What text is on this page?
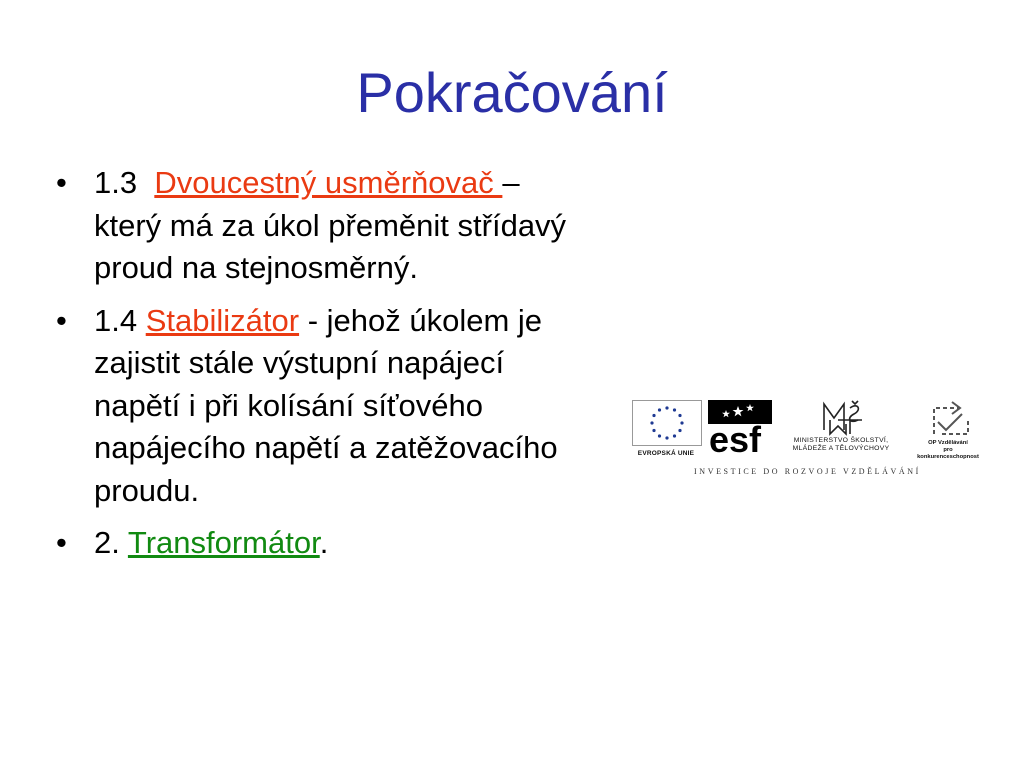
Pokračování
• 1.3  Dvoucestný usměrňovač – který má za úkol přeměnit střídavý proud na stejnosměrný.
• 1.4 Stabilizátor - jehož úkolem je zajistit stále výstupní napájecí napětí i při kolísání síťového napájecího napětí a zatěžovacího proudu.
• 2. Transformátor.
EVROPSKÁ UNIE esf	MINISTERSTVO ŠKOLSTVÍ,
MLÁDEŽE A TĚLOVÝCHOVY
OP Vzdělávání
pro konkurenceschopnost
INVESTICE DO ROZVOJE VZDĚLÁVÁNÍ
